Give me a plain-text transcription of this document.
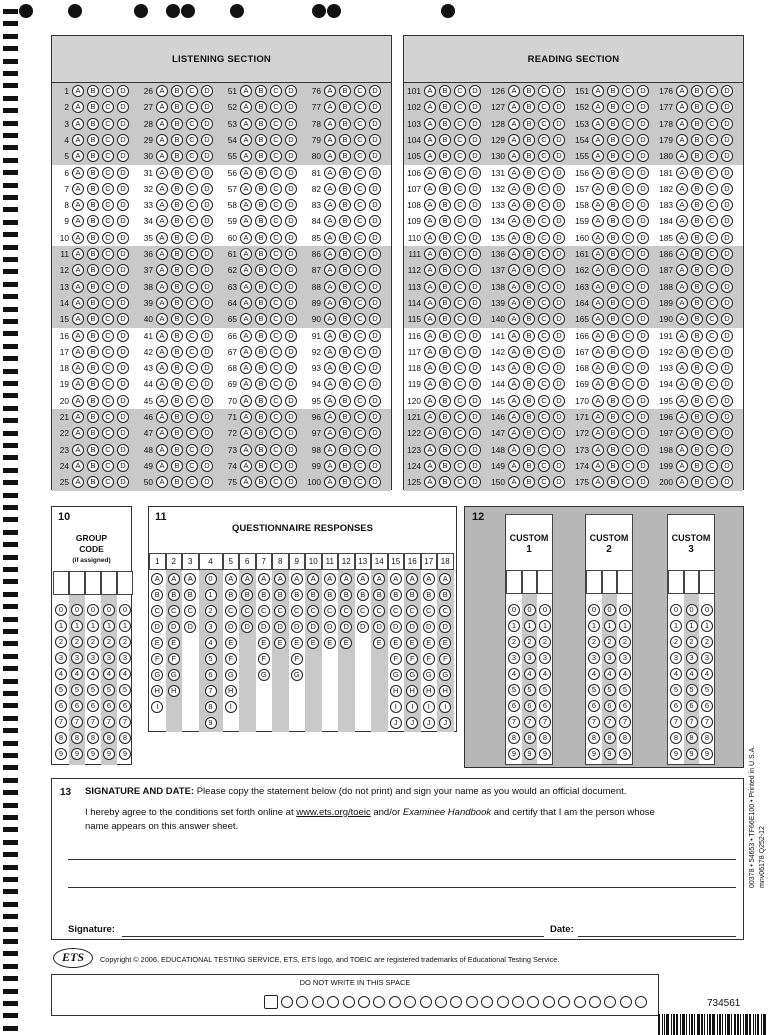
LISTENING SECTION
1 A	B	C	D
2 A	B	C	D
3 A	B	C	D
4 A	B	C	D
5 A	B	C	D
6 A	B	C	D
7 A	B	C	D
8 A	B	C	D
9 A	B	C	D
10 A	B	C	D
11 A	B	C	D
12 A	B	C	D
13 A	B	C	D
14 A	B	C	D
15 A	B	C	D
16 A	B	C	D
17 A	B	C	D
18 A	B	C	D
19 A	B	C	D
20 A	B	C	D
21 A	B	C	D
22 A	B	C	D
23 A	B	C	D
24 A	B	C	D
25 A	B	C	D
26 A	B	C	D
27 A	B	C	D
28 A	B	C	D
29 A	B	C	D
30 A	B	C	D
31 A	B	C	D
32 A	B	C	D
33 A	B	C	D
34 A	B	C	D
35 A	B	C	D
36 A	B	C	D
37 A	B	C	D
38 A	B	C	D
39 A	B	C	D
40 A	B	C	D
41 A	B	C	D
42 A	B	C	D
43 A	B	C	D
44 A	B	C	D
45 A	B	C	D
46 A	B	C	D
47 A	B	C	D
48 A	B	C	D
49 A	B	C	D
50 A	B	C	D
51 A	B	C	D
52 A	B	C	D
53 A	B	C	D
54 A	B	C	D
55 A	B	C	D
56 A	B	C	D
57 A	B	C	D
58 A	B	C	D
59 A	B	C	D
60 A	B	C	D
61 A	B	C	D
62 A	B	C	D
63 A	B	C	D
64 A	B	C	D
65 A	B	C	D
66 A	B	C	D
67 A	B	C	D
68 A	B	C	D
69 A	B	C	D
70 A	B	C	D
71 A	B	C	D
72 A	B	C	D
73 A	B	C	D
74 A	B	C	D
75 A	B	C	D
76 A	B	C	D
77 A	B	C	D
78 A	B	C	D
79 A	B	C	D
80 A	B	C	D
81 A	B	C	D
82 A	B	C	D
83 A	B	C	D
84 A	B	C	D
85 A	B	C	D
86 A	B	C	D
87 A	B	C	D
88 A	B	C	D
89 A	B	C	D
90 A	B	C	D
91 A	B	C	D
92 A	B	C	D
93 A	B	C	D
94 A	B	C	D
95 A	B	C	D
96 A	B	C	D
97 A	B	C	D
98 A	B	C	D
99 A	B	C	D
100 A	B	C	D
READING SECTION
101 A	B	C	D
102 A	B	C	D
103 A	B	C	D
104 A	B	C	D
105 A	B	C	D
106 A	B	C	D
107 A	B	C	D
108 A	B	C	D
109 A	B	C	D
110 A	B	C	D
111 A	B	C	D
112 A	B	C	D
113 A	B	C	D
114 A	B	C	D
115 A	B	C	D
116 A	B	C	D
117 A	B	C	D
118 A	B	C	D
119 A	B	C	D
120 A	B	C	D
121 A	B	C	D
122 A	B	C	D
123 A	B	C	D
124 A	B	C	D
125 A	B	C	D
126 A	B	C	D
127 A	B	C	D
128 A	B	C	D
129 A	B	C	D
130 A	B	C	D
131 A	B	C	D
132 A	B	C	D
133 A	B	C	D
134 A	B	C	D
135 A	B	C	D
136 A	B	C	D
137 A	B	C	D
138 A	B	C	D
139 A	B	C	D
140 A	B	C	D
141 A	B	C	D
142 A	B	C	D
143 A	B	C	D
144 A	B	C	D
145 A	B	C	D
146 A	B	C	D
147 A	B	C	D
148 A	B	C	D
149 A	B	C	D
150 A	B	C	D
151 A	B	C	D
152 A	B	C	D
153 A	B	C	D
154 A	B	C	D
155 A	B	C	D
156 A	B	C	D
157 A	B	C	D
158 A	B	C	D
159 A	B	C	D
160 A	B	C	D
161 A	B	C	D
162 A	B	C	D
163 A	B	C	D
164 A	B	C	D
165 A	B	C	D
166 A	B	C	D
167 A	B	C	D
168 A	B	C	D
169 A	B	C	D
170 A	B	C	D
171 A	B	C	D
172 A	B	C	D
173 A	B	C	D
174 A	B	C	D
175 A	B	C	D
176 A	B	C	D
177 A	B	C	D
178 A	B	C	D
179 A	B	C	D
180 A	B	C	D
181 A	B	C	D
182 A	B	C	D
183 A	B	C	D
184 A	B	C	D
185 A	B	C	D
186 A	B	C	D
187 A	B	C	D
188 A	B	C	D
189 A	B	C	D
190 A	B	C	D
191 A	B	C	D
192 A	B	C	D
193 A	B	C	D
194 A	B	C	D
195 A	B	C	D
196 A	B	C	D
197 A	B	C	D
198 A	B	C	D
199 A	B	C	D
200 A	B	C	D
10
GROUP
CODE
(if assigned)
0
1
2
3
4
5
6
7
8
9
0
1
2
3
4
5
6
7
8
9
0
1
2
3
4
5
6
7
8
9
0
1
2
3
4
5
6
7
8
9
0
1
2
3
4
5
6
7
8
9
11
QUESTIONNAIRE RESPONSES
1
A
B
C
D
E
F
G
H
I
2
A
B
C
D
E
F
G
H
3
A
B
C
D
4
0
1
2
3
4
5
6
7
8
9
5
A
B
C
D
E
F
G
H
I
6
A
B
C
D
7
A
B
C
D
E
F
G
8
A
B
C
D
E
9
A
B
C
D
E
F
G
10
A
B
C
D
E
11
A
B
C
D
E
12
A
B
C
D
E
13
A
B
C
D
14
A
B
C
D
E
15
A
B
C
D
E
F
G
H
I
J
16
A
B
C
D
E
F
G
H
I
J
17
A
B
C
D
E
F
G
H
I
J
18
A
B
C
D
E
F
G
H
I
J
12
CUSTOM
1
0
1
2
3
4
5
6
7
8
9
0
1
2
3
4
5
6
7
8
9
0
1
2
3
4
5
6
7
8
9
CUSTOM
2
0
1
2
3
4
5
6
7
8
9
0
1
2
3
4
5
6
7
8
9
0
1
2
3
4
5
6
7
8
9
CUSTOM
3
0
1
2
3
4
5
6
7
8
9
0
1
2
3
4
5
6
7
8
9
0
1
2
3
4
5
6
7
8
9
13 SIGNATURE AND DATE: Please copy the statement below (do not print) and sign your name as you would an official document.
I hereby agree to the conditions set forth online at www.ets.org/toeic and/or Examinee Handbook and certify that I am the person whose
name appears on this answer sheet.
Signature:	Date:
ETS	Copyright © 2006. EDUCATIONAL TESTING SERVICE, ETS, ETS logo, and TOEIC are registered trademarks of Educational Testing Service.
DO NOT WRITE IN THIS SPACE
734561
00378 • 54653 • TF66E100 • Printed in U.S.A. mnv06178 Q252-12
